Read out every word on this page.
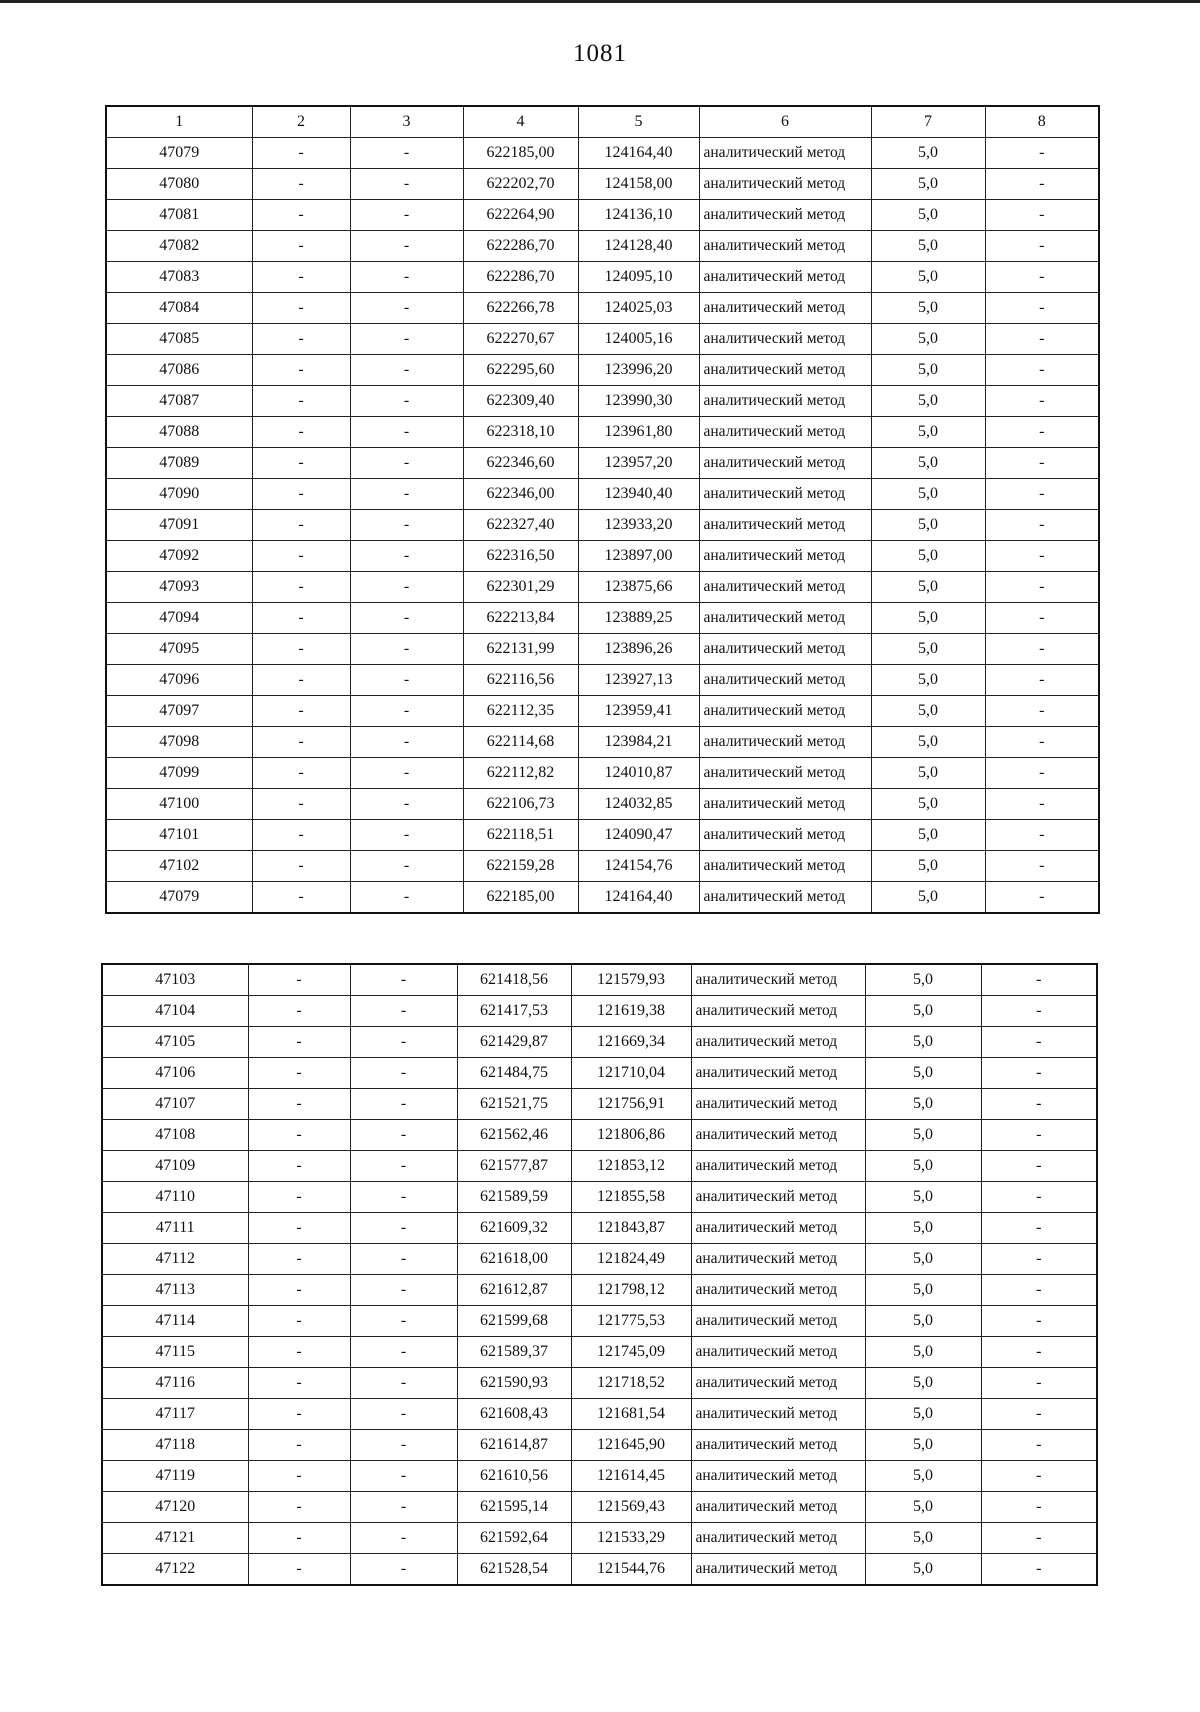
1081
1	2	3	4	5	6	7	8
47079	-	-	622185,00	124164,40	аналитический метод	5,0	-
47080	-	-	622202,70	124158,00	аналитический метод	5,0	-
47081	-	-	622264,90	124136,10	аналитический метод	5,0	-
47082	-	-	622286,70	124128,40	аналитический метод	5,0	-
47083	-	-	622286,70	124095,10	аналитический метод	5,0	-
47084	-	-	622266,78	124025,03	аналитический метод	5,0	-
47085	-	-	622270,67	124005,16	аналитический метод	5,0	-
47086	-	-	622295,60	123996,20	аналитический метод	5,0	-
47087	-	-	622309,40	123990,30	аналитический метод	5,0	-
47088	-	-	622318,10	123961,80	аналитический метод	5,0	-
47089	-	-	622346,60	123957,20	аналитический метод	5,0	-
47090	-	-	622346,00	123940,40	аналитический метод	5,0	-
47091	-	-	622327,40	123933,20	аналитический метод	5,0	-
47092	-	-	622316,50	123897,00	аналитический метод	5,0	-
47093	-	-	622301,29	123875,66	аналитический метод	5,0	-
47094	-	-	622213,84	123889,25	аналитический метод	5,0	-
47095	-	-	622131,99	123896,26	аналитический метод	5,0	-
47096	-	-	622116,56	123927,13	аналитический метод	5,0	-
47097	-	-	622112,35	123959,41	аналитический метод	5,0	-
47098	-	-	622114,68	123984,21	аналитический метод	5,0	-
47099	-	-	622112,82	124010,87	аналитический метод	5,0	-
47100	-	-	622106,73	124032,85	аналитический метод	5,0	-
47101	-	-	622118,51	124090,47	аналитический метод	5,0	-
47102	-	-	622159,28	124154,76	аналитический метод	5,0	-
47079	-	-	622185,00	124164,40	аналитический метод	5,0	-
47103	-	-	621418,56	121579,93	аналитический метод	5,0	-
47104	-	-	621417,53	121619,38	аналитический метод	5,0	-
47105	-	-	621429,87	121669,34	аналитический метод	5,0	-
47106	-	-	621484,75	121710,04	аналитический метод	5,0	-
47107	-	-	621521,75	121756,91	аналитический метод	5,0	-
47108	-	-	621562,46	121806,86	аналитический метод	5,0	-
47109	-	-	621577,87	121853,12	аналитический метод	5,0	-
47110	-	-	621589,59	121855,58	аналитический метод	5,0	-
47111	-	-	621609,32	121843,87	аналитический метод	5,0	-
47112	-	-	621618,00	121824,49	аналитический метод	5,0	-
47113	-	-	621612,87	121798,12	аналитический метод	5,0	-
47114	-	-	621599,68	121775,53	аналитический метод	5,0	-
47115	-	-	621589,37	121745,09	аналитический метод	5,0	-
47116	-	-	621590,93	121718,52	аналитический метод	5,0	-
47117	-	-	621608,43	121681,54	аналитический метод	5,0	-
47118	-	-	621614,87	121645,90	аналитический метод	5,0	-
47119	-	-	621610,56	121614,45	аналитический метод	5,0	-
47120	-	-	621595,14	121569,43	аналитический метод	5,0	-
47121	-	-	621592,64	121533,29	аналитический метод	5,0	-
47122	-	-	621528,54	121544,76	аналитический метод	5,0	-
